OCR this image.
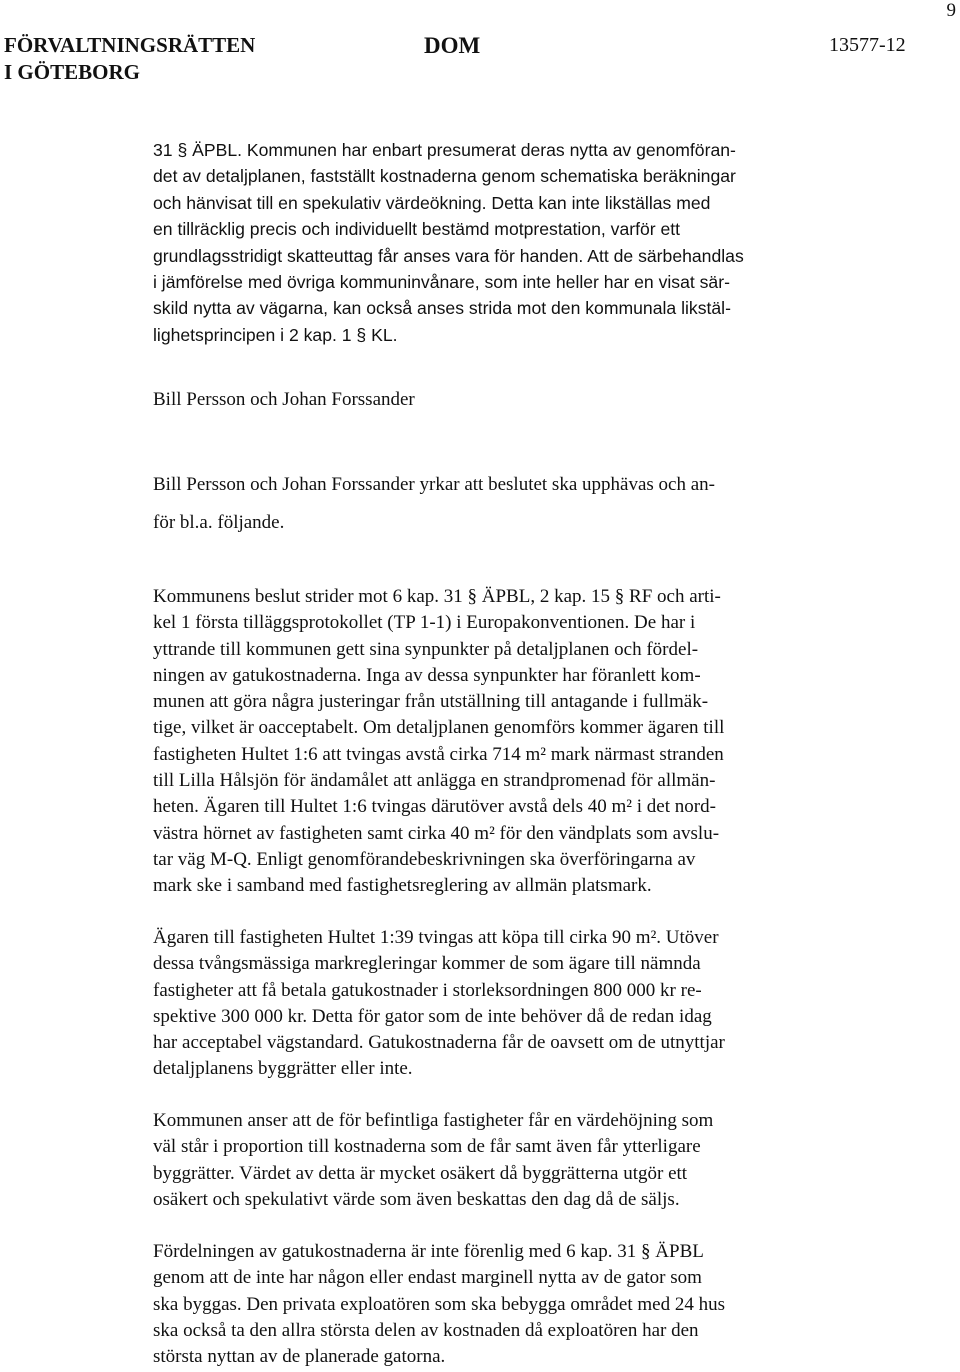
9
FÖRVALTNINGSRÄTTEN
I GÖTEBORG
DOM	13577-12
31 § ÄPBL. Kommunen har enbart presumerat deras nytta av genomföran-
det av detaljplanen, fastställt kostnaderna genom schematiska beräkningar
och hänvisat till en spekulativ värdeökning. Detta kan inte likställas med
en tillräcklig precis och individuellt bestämd motprestation, varför ett
grundlagsstridigt skatteuttag får anses vara för handen. Att de särbehandlas
i jämförelse med övriga kommuninvånare, som inte heller har en visat sär-
skild nytta av vägarna, kan också anses strida mot den kommunala likstäl-
lighetsprincipen i 2 kap. 1 § KL.
Bill Persson och Johan Forssander
Bill Persson och Johan Forssander yrkar att beslutet ska upphävas och an-
för bl.a. följande.
Kommunens beslut strider mot 6 kap. 31 § ÄPBL, 2 kap. 15 § RF och arti-
kel 1 första tilläggsprotokollet (TP 1-1) i Europakonventionen. De har i
yttrande till kommunen gett sina synpunkter på detaljplanen och fördel-
ningen av gatukostnaderna. Inga av dessa synpunkter har föranlett kom-
munen att göra några justeringar från utställning till antagande i fullmäk-
tige, vilket är oacceptabelt. Om detaljplanen genomförs kommer ägaren till
fastigheten Hultet 1:6 att tvingas avstå cirka 714 m² mark närmast stranden
till Lilla Hålsjön för ändamålet att anlägga en strandpromenad för allmän-
heten. Ägaren till Hultet 1:6 tvingas därutöver avstå dels 40 m² i det nord-
västra hörnet av fastigheten samt cirka 40 m² för den vändplats som avslu-
tar väg M-Q. Enligt genomförandebeskrivningen ska överföringarna av
mark ske i samband med fastighetsreglering av allmän platsmark.
Ägaren till fastigheten Hultet 1:39 tvingas att köpa till cirka 90 m². Utöver
dessa tvångsmässiga markregleringar kommer de som ägare till nämnda
fastigheter att få betala gatukostnader i storleksordningen 800 000 kr re-
spektive 300 000 kr. Detta för gator som de inte behöver då de redan idag
har acceptabel vägstandard. Gatukostnaderna får de oavsett om de utnyttjar
detaljplanens byggrätter eller inte.
Kommunen anser att de för befintliga fastigheter får en värdehöjning som
väl står i proportion till kostnaderna som de får samt även får ytterligare
byggrätter. Värdet av detta är mycket osäkert då byggrätterna utgör ett
osäkert och spekulativt värde som även beskattas den dag då de säljs.
Fördelningen av gatukostnaderna är inte förenlig med 6 kap. 31 § ÄPBL
genom att de inte har någon eller endast marginell nytta av de gator som
ska byggas. Den privata exploatören som ska bebygga området med 24 hus
ska också ta den allra största delen av kostnaden då exploatören har den
största nyttan av de planerade gatorna.
